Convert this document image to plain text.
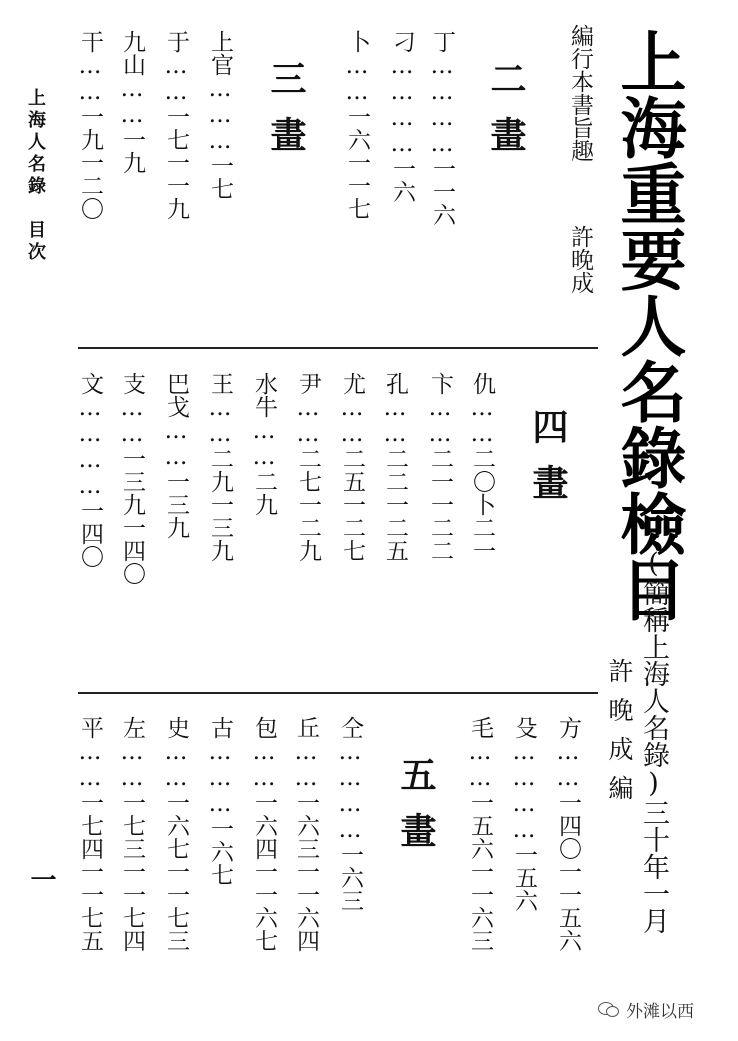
上海重要人名錄檢目
(簡稱上海人名錄)三十年一月
許晚成編
編行本書旨趣
許晚成
二畫
丁…………一一六
刁…………一六
卜……一六一一七
三畫
上官………一七
于……一七一一九
九山……一九
干……一九一二〇
上海人名錄　目次
一
四畫
仇……二〇卜二一
卞……二一一二二
孔……二二一二五
尤……二五一二七
尹……二七一二九
水牛……二九
王……二九一三九
巴戈……一三九
支……一三九一四〇
文…………一四〇
五畫	方……一四〇一一五六
殳…………一五六
毛……一五六一一六三
仝…………一六三
丘……一六三一一六四
包……一六四一一六七
古………一六七
史……一六七一一七三
左……一七三一一七四
平……一七四一一七五
外滩以西
